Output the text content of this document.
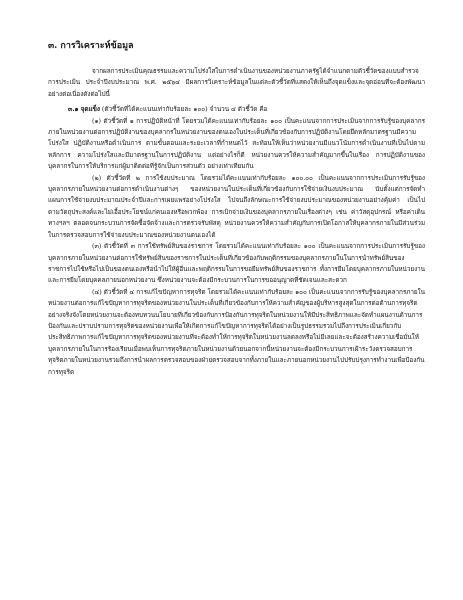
๓. การวิเคราะห์ข้อมูล

จากผลการประเมินคุณธรรมและความโปร่งใสในการดำเนินงานของหน่วยงานภาครัฐได้จำแนกตามตัวชี้วัดของแบบสำรวจการประเมิน ประจำปีงบประมาณ พ.ศ. ๒๕๖๔ มีผลการวิเคราะห์ข้อมูลในแต่ละตัวชี้วัดที่แสดงให้เห็นถึงจุดแข็งและจุดอ่อนที่จะต้องพัฒนาอย่างต่อเนื่องดังต่อไปนี้

๓.๑ จุดแข็ง (ตัวชี้วัดที่ได้คะแนนเท่ากับร้อยละ ๑๐๐) จำนวน ๔ ตัวชี้วัด คือ

(๑) ตัวชี้วัดที่ ๑ การปฏิบัติหน้าที่ โดยรวมได้คะแนนเท่ากับร้อยละ ๑๐๐ เป็นคะแนนจากการประเมินจากการรับรู้ของบุคลากรภายในหน่วยงานต่อการปฏิบัติงานของบุคลากรในหน่วยงานของตนเองในประเด็นที่เกี่ยวข้องกับการปฏิบัติงานโดยยึดหลักมาตรฐานมีความโปร่งใส ปฏิบัติงานหรือดำเนินการ ตามขั้นตอนและระยะเวลาที่กำหนดไว้ สะท้อนให้เห็นว่าหน่วยงานมีแนวโน้มการดำเนินงานที่เป็นไปตามหลักการ ความโปร่งใสและมีมาตรฐานในการปฏิบัติงาน แต่อย่างไรก็ดี หน่วยงานควรให้ความสำคัญมากขึ้นในเรื่อง การปฏิบัติงานของบุคลากรในการให้บริการแก่ผู้มาติดต่อที่รู้จักเป็นการส่วนตัว อย่างเท่าเทียมกัน

(๒) ตัวชี้วัดที่ ๒ การใช้งบประมาณ โดยรวมได้คะแนนเท่ากับร้อยละ ๑๐๐.๐๐ เป็นคะแนนจากการประเมินการรับรู้ของบุคลากรภายในหน่วยงานต่อการดำเนินงานต่างๆ ของหน่วยงานในประเด็นที่เกี่ยวข้องกับการใช้จ่ายเงินงบประมาณ นับตั้งแต่การจัดทำแผนการใช้จ่ายงบประมาณประจำปีและการเผยแพร่อย่างโปร่งใส ไปจนถึงลักษณะการใช้จ่ายงบประมาณของหน่วยงานอย่างคุ้มค่า เป็นไปตามวัตถุประสงค์และไม่เอื้อประโยชน์แก่คนเองหรือพวกพ้อง การเบิกจ่ายเงินของบุคลากรภายในเรื่องต่างๆ เช่น ค่าวัสดุอุปกรณ์ หรือค่าเดินทางฯลฯ ตลอดจนกระบวนการจัดซื้อจัดจ้างและการตรวจรับพัสดุ หน่วยงานควรให้ความสำคัญกับการเปิดโอกาสให้บุคลากรภายในมีส่วนร่วมในการตรวจสอบการใช้จ่ายงบประมาณของหน่วยงานตนเองได้

(๓) ตัวชี้วัดที่ ๓ การใช้ทรัพย์สินของราชการ โดยรวมได้คะแนนเท่ากับร้อยละ ๑๐๐ เป็นคะแนนจากการประเมินการรับรู้ของบุคลากรภายในหน่วยงานต่อการใช้ทรัพย์สินของราชการในประเด็นที่เกี่ยวข้องกับพฤติกรรมของบุคลากรภายในในการนำทรัพย์สินของราชการไปใช้หรือไปเป็นของตนเองหรือนำไปให้ผู้อื่นและพฤติกรรมในการขอยืมทรัพย์สินของราชการ ทั้งการยืมโดยบุคลากรภายในหน่วยงานและการยืมโดยบุคคลภายนอกหน่วยงาน ซึ่งหน่วยงานจะต้องมีกระบวนการในการขออนุญาตที่ชัดเจนและสะดวก

(๔) ตัวชี้วัดที่ ๔ การแก้ไขปัญหาการทุจริต โดยรวมได้คะแนนเท่ากับร้อยละ ๑๐๐ เป็นคะแนนจากการรับรู้ของบุคลากรภายในหน่วยงานต่อการแก้ไขปัญหาการทุจริตของหน่วยงานในประเด็นที่เกี่ยวข้องกับการให้ความสำคัญของผู้บริหารสูงสุดในการต่อต้านการทุจริตอย่างจริงจังโดยหน่วยงานจะต้องทบทวนนโยบายที่เกี่ยวข้องกับการป้องกันการทุจริตในหน่วยงานให้มีประสิทธิภาพและจัดทำแผนงานด้านการป้องกันและปราบปรามการทุจริตของหน่วยงานเพื่อให้เกิดการแก้ไขปัญหาการทุจริตได้อย่างเป็นรูปธรรมรวมไปถึงการประเมินเกี่ยวกับประสิทธิภาพการแก้ไขปัญหาการทุจริตของหน่วยงานที่จะต้องทำให้การทุจริตในหน่วยงานลดลงหรือไม่มีเลยและจะต้องสร้างความเชื่อมั่นให้บุคลากรภายในในการร้องเรียนเมื่อพบเห็นการทุจริตภายในหน่วยงานด้วยนอกจากนี้หน่วยงานจะต้องมีกระบวนการเฝ้าระวังตรวจสอบการทุจริตภายในหน่วยงานรวมถึงการนำผลการตรวจสอบของฝ่ายตรวจสอบจากทั้งภายในและภายนอกหน่วยงานไปปรับปรุงการทำงานเพื่อป้องกันการทุจริต
